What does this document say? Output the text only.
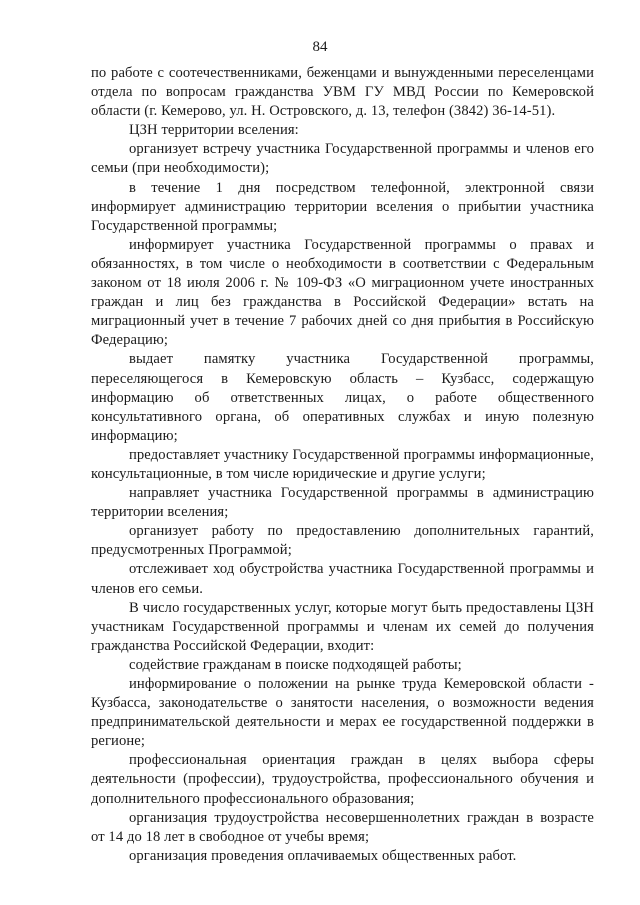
84

по работе с соотечественниками, беженцами и вынужденными переселенцами отдела по вопросам гражданства УВМ ГУ МВД России по Кемеровской области (г. Кемерово, ул. Н. Островского, д. 13, телефон (3842) 36-14-51).

ЦЗН территории вселения:

организует встречу участника Государственной программы и членов его семьи (при необходимости);

в течение 1 дня посредством телефонной, электронной связи информирует администрацию территории вселения о прибытии участника Государственной программы;

информирует участника Государственной программы о правах и обязанностях, в том числе о необходимости в соответствии с Федеральным законом от 18 июля 2006 г. № 109-ФЗ «О миграционном учете иностранных граждан и лиц без гражданства в Российской Федерации» встать на миграционный учет в течение 7 рабочих дней со дня прибытия в Российскую Федерацию;

выдает памятку участника Государственной программы, переселяющегося в Кемеровскую область – Кузбасс, содержащую информацию об ответственных лицах, о работе общественного консультативного органа, об оперативных службах и иную полезную информацию;

предоставляет участнику Государственной программы информационные, консультационные, в том числе юридические и другие услуги;

направляет участника Государственной программы в администрацию территории вселения;

организует работу по предоставлению дополнительных гарантий, предусмотренных Программой;

отслеживает ход обустройства участника Государственной программы и членов его семьи.

В число государственных услуг, которые могут быть предоставлены ЦЗН участникам Государственной программы и членам их семей до получения гражданства Российской Федерации, входит:

содействие гражданам в поиске подходящей работы;

информирование о положении на рынке труда Кемеровской области - Кузбасса, законодательстве о занятости населения, о возможности ведения предпринимательской деятельности и мерах ее государственной поддержки в регионе;

профессиональная ориентация граждан в целях выбора сферы деятельности (профессии), трудоустройства, профессионального обучения и дополнительного профессионального образования;

организация трудоустройства несовершеннолетних граждан в возрасте от 14 до 18 лет в свободное от учебы время;

организация проведения оплачиваемых общественных работ.
